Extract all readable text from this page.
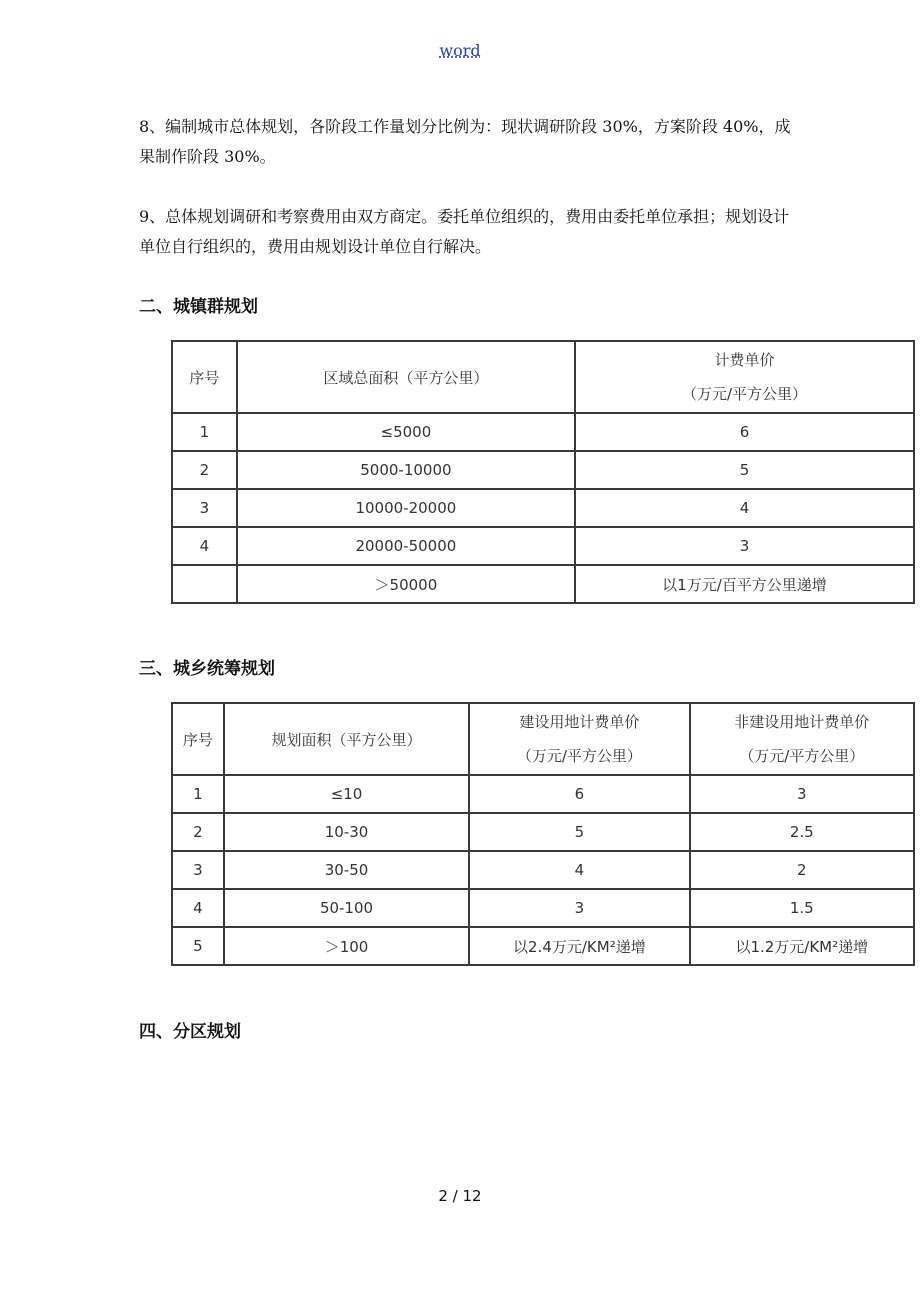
word
8、编制城市总体规划，各阶段工作量划分比例为：现状调研阶段 30%，方案阶段 40%，成果制作阶段 30%。
9、总体规划调研和考察费用由双方商定。委托单位组织的，费用由委托单位承担；规划设计单位自行组织的，费用由规划设计单位自行解决。
二、城镇群规划
序号	区域总面积（平方公里）	计费单价
（万元/平方公里）

1	≤5000	6
2	5000-10000	5
3	10000-20000	4
4	20000-50000	3
	＞50000	以1万元/百平方公里递增
三、城乡统筹规划
序号	规划面积（平方公里）	建设用地计费单价
（万元/平方公里）	非建设用地计费单价
（万元/平方公里）

1	≤10	6	3
2	10-30	5	2.5
3	30-50	4	2
4	50-100	3	1.5
5	＞100	以2.4万元/KM²递增	以1.2万元/KM²递增
四、分区规划
2 / 12
